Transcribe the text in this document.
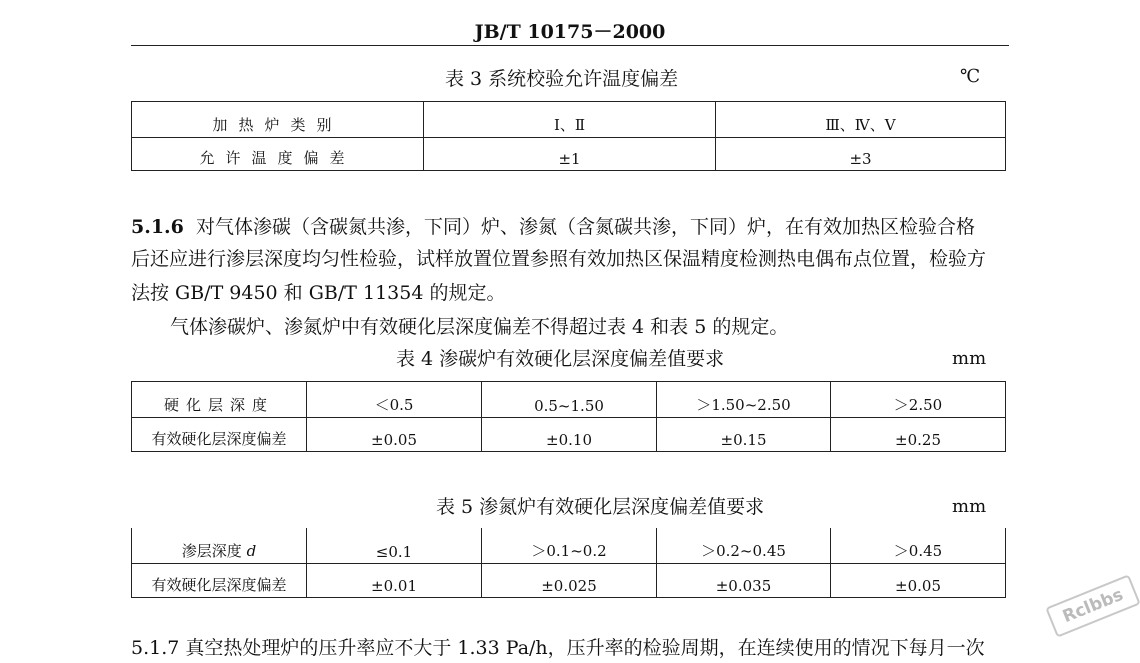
JB/T 10175－2000
表 3 系统校验允许温度偏差	℃
加热炉类别	Ⅰ、Ⅱ	Ⅲ、Ⅳ、Ⅴ
允许温度偏差	±1	±3
5.1.6 对气体渗碳（含碳氮共渗，下同）炉、渗氮（含氮碳共渗，下同）炉，在有效加热区检验合格
后还应进行渗层深度均匀性检验，试样放置位置参照有效加热区保温精度检测热电偶布点位置，检验方
法按 GB/T 9450 和 GB/T 11354 的规定。
气体渗碳炉、渗氮炉中有效硬化层深度偏差不得超过表 4 和表 5 的规定。
表 4 渗碳炉有效硬化层深度偏差值要求	mm
硬化层深度	＜0.5	0.5~1.50	＞1.50~2.50	＞2.50
有效硬化层深度偏差	±0.05	±0.10	±0.15	±0.25
表 5 渗氮炉有效硬化层深度偏差值要求	mm
渗层深度 d	≤0.1	＞0.1~0.2	＞0.2~0.45	＞0.45
有效硬化层深度偏差	±0.01	±0.025	±0.035	±0.05
5.1.7 真空热处理炉的压升率应不大于 1.33 Pa/h，压升率的检验周期，在连续使用的情况下每月一次
Rclbbs
